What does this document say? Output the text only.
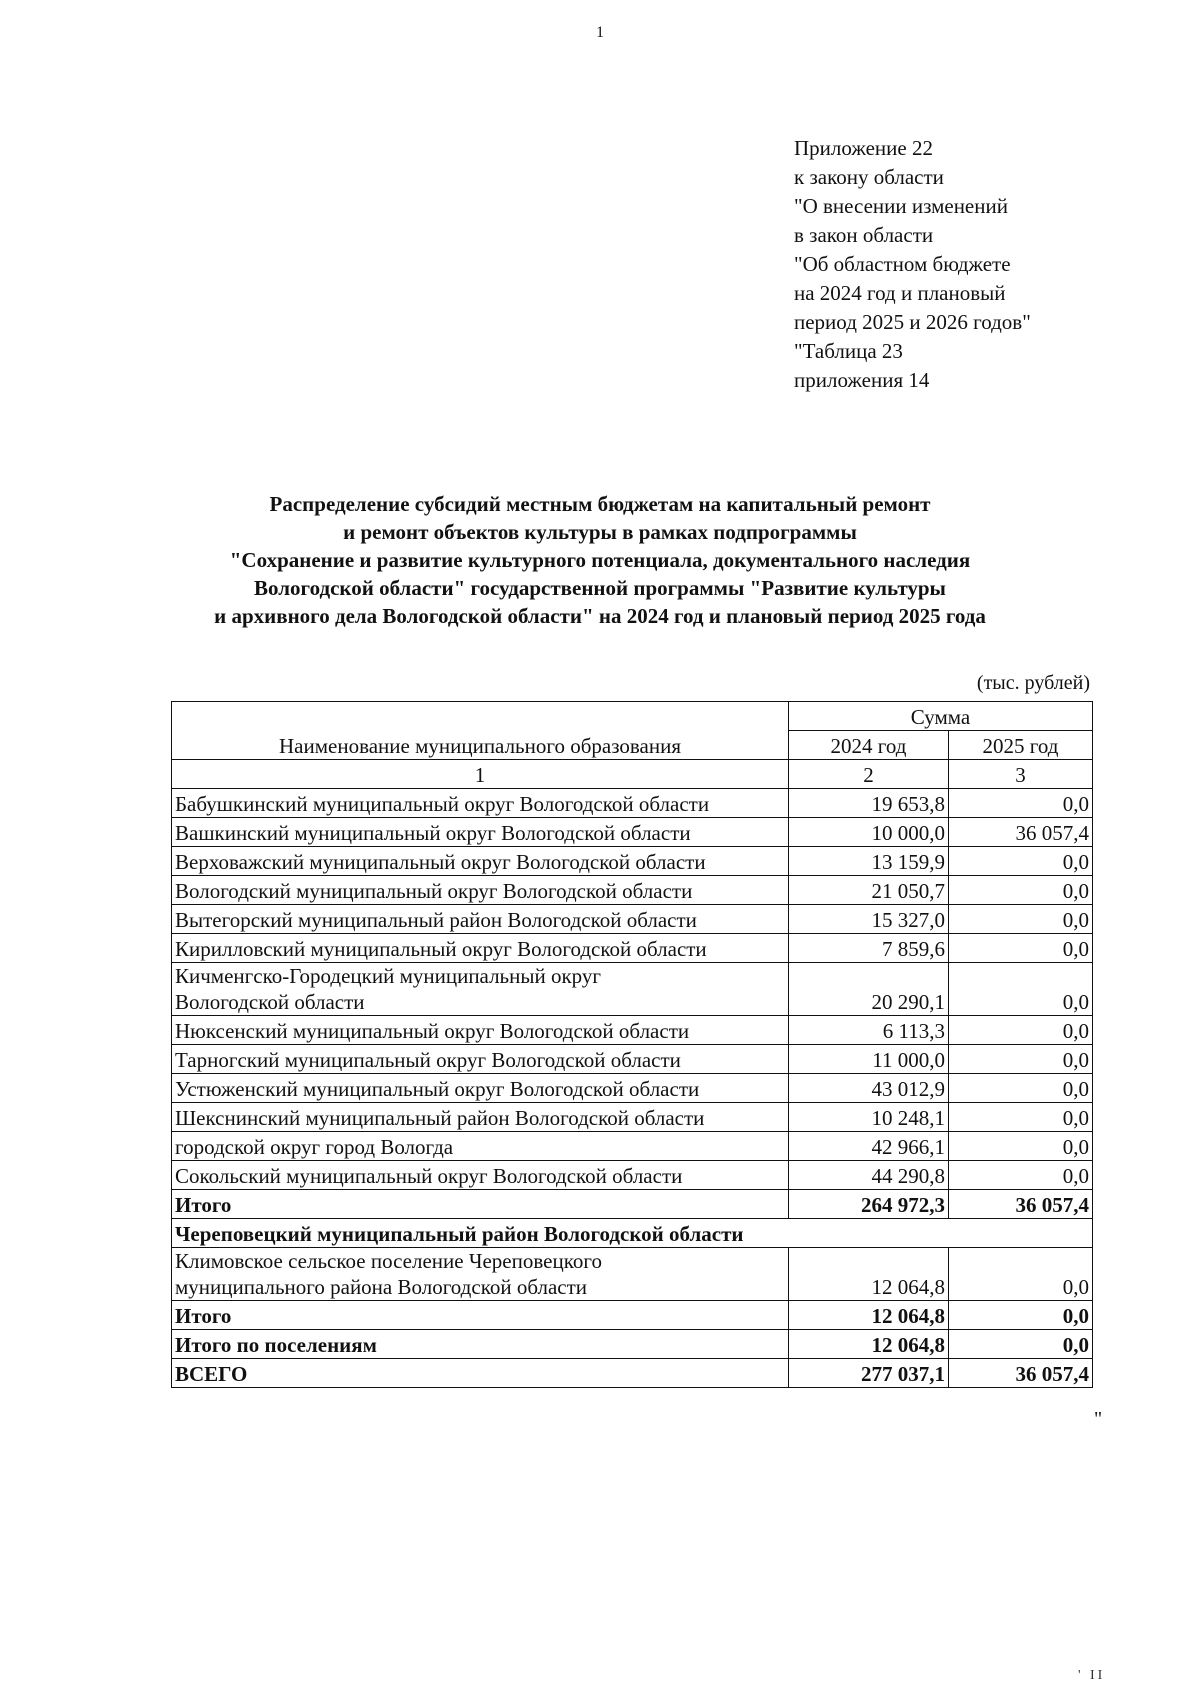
1
Приложение 22
к закону области
"О внесении изменений
в закон области
"Об областном бюджете
на 2024 год и плановый
период 2025 и 2026 годов"
"Таблица 23
приложения 14
Распределение субсидий местным бюджетам на капитальный ремонт
и ремонт объектов культуры в рамках подпрограммы
"Сохранение и развитие культурного потенциала, документального наследия
Вологодской области" государственной программы "Развитие культуры
и архивного дела Вологодской области" на 2024 год и плановый период 2025 года
(тыс. рублей)
Наименование муниципального образования	Сумма	
	2024 год	2025 год
1	2	3
Бабушкинский муниципальный округ Вологодской области	19 653,8	0,0
Вашкинский муниципальный округ Вологодской области	10 000,0	36 057,4
Верховажский муниципальный округ Вологодской области	13 159,9	0,0
Вологодский муниципальный округ Вологодской области	21 050,7	0,0
Вытегорский муниципальный район Вологодской области	15 327,0	0,0
Кирилловский муниципальный округ Вологодской области	7 859,6	0,0
Кичменгско-Городецкий муниципальный округ
Вологодской области	20 290,1	0,0
Нюксенский муниципальный округ Вологодской области	6 113,3	0,0
Тарногский муниципальный округ Вологодской области	11 000,0	0,0
Устюженский муниципальный округ Вологодской области	43 012,9	0,0
Шекснинский муниципальный район Вологодской области	10 248,1	0,0
городской округ город Вологда	42 966,1	0,0
Сокольский муниципальный округ Вологодской области	44 290,8	0,0
Итого	264 972,3	36 057,4
Череповецкий муниципальный район Вологодской области		
Климовское сельское поселение Череповецкого
муниципального района Вологодской области	12 064,8	0,0
Итого	12 064,8	0,0
Итого по поселениям	12 064,8	0,0
ВСЕГО	277 037,1	36 057,4
"
' II
